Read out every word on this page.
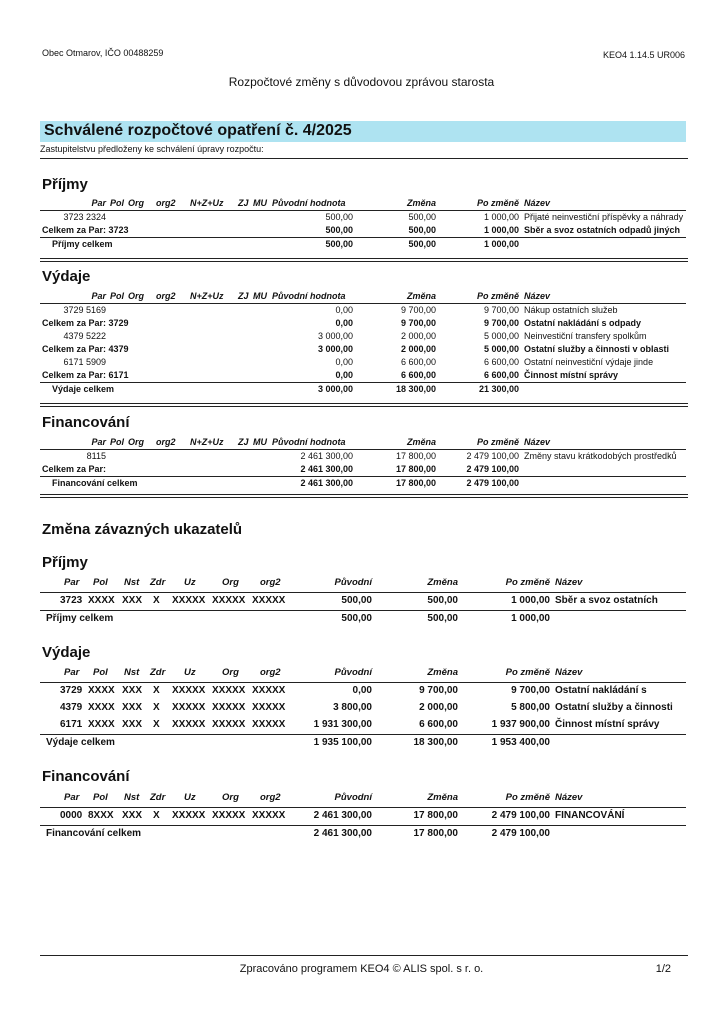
Obec Otmarov, IČO 00488259	KEO4 1.14.5 UR006
Rozpočtové změny s důvodovou zprávou starosta
Schválené rozpočtové opatření č. 4/2025
Zastupitelstvu předloženy ke schválení úpravy rozpočtu:
Příjmy
Par Pol Org org2 N+Z+Uz ZJ MU Původní hodnota	Změna	Po změně Název
3723 2324	500,00	500,00	1 000,00 Přijaté neinvestiční příspěvky a náhrady
Celkem za Par: 3723	500,00	500,00	1 000,00 Sběr a svoz ostatních odpadů jiných
Příjmy celkem	500,00	500,00	1 000,00
Výdaje
Par Pol Org org2 N+Z+Uz ZJ MU Původní hodnota	Změna	Po změně Název
3729 5169	0,00	9 700,00	9 700,00 Nákup ostatních služeb
Celkem za Par: 3729	0,00	9 700,00	9 700,00 Ostatní nakládání s odpady
4379 5222	3 000,00	2 000,00	5 000,00 Neinvestiční transfery spolkům
Celkem za Par: 4379	3 000,00	2 000,00	5 000,00 Ostatní služby a činnosti v oblasti
6171 5909	0,00	6 600,00	6 600,00 Ostatní neinvestiční výdaje jinde
Celkem za Par: 6171	0,00	6 600,00	6 600,00 Činnost místní správy
Výdaje celkem	3 000,00	18 300,00	21 300,00
Financování
Par Pol Org org2 N+Z+Uz ZJ MU Původní hodnota	Změna	Po změně Název
8115	2 461 300,00	17 800,00	2 479 100,00 Změny stavu krátkodobých prostředků
Celkem za Par:	2 461 300,00	17 800,00	2 479 100,00
Financování celkem	2 461 300,00	17 800,00	2 479 100,00
Změna závazných ukazatelů
Příjmy
Par Pol Nst Zdr Uz	Org org2	Původní	Změna	Po změně Název
3723 XXXX XXX X XXXXX XXXXX XXXXX	500,00	500,00	1 000,00 Sběr a svoz ostatních
Příjmy celkem	500,00	500,00	1 000,00
Výdaje
Par Pol Nst Zdr Uz	Org org2	Původní	Změna	Po změně Název
3729 XXXX XXX X XXXXX XXXXX XXXXX	0,00	9 700,00	9 700,00 Ostatní nakládání s
4379 XXXX XXX X XXXXX XXXXX XXXXX	3 800,00	2 000,00	5 800,00 Ostatní služby a činnosti
6171 XXXX XXX X XXXXX XXXXX XXXXX	1 931 300,00	6 600,00	1 937 900,00 Činnost místní správy
Výdaje celkem	1 935 100,00	18 300,00	1 953 400,00
Financování
Par Pol Nst Zdr Uz	Org org2	Původní	Změna	Po změně Název
0000 8XXX XXX X XXXXX XXXXX XXXXX	2 461 300,00	17 800,00	2 479 100,00 FINANCOVÁNÍ
Financování celkem	2 461 300,00	17 800,00	2 479 100,00
Zpracováno programem KEO4 © ALIS spol. s r. o.	1/2
